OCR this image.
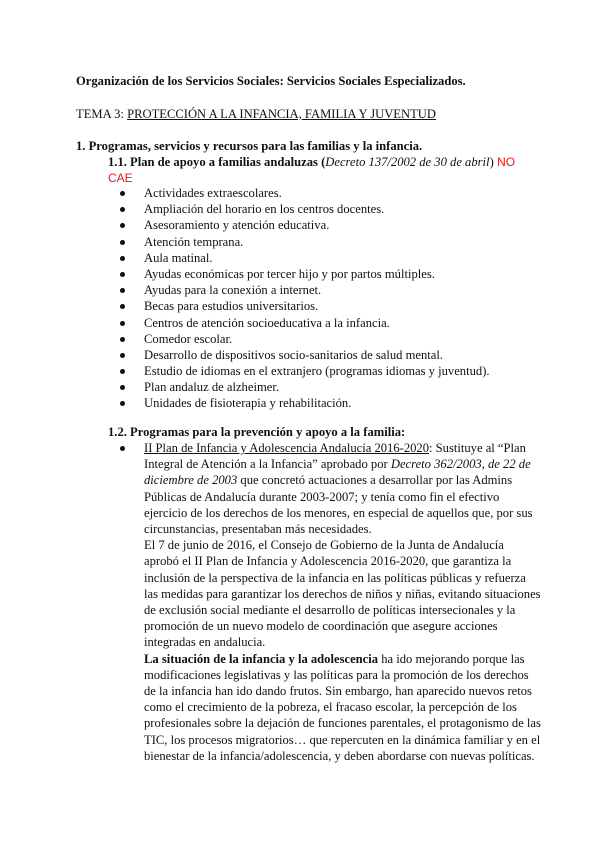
Organización de los Servicios Sociales: Servicios Sociales Especializados.
TEMA 3: PROTECCIÓN A LA INFANCIA, FAMILIA Y JUVENTUD
1. Programas, servicios y recursos para las familias y la infancia.
1.1. Plan de apoyo a familias andaluzas (Decreto 137/2002 de 30 de abril) NO
CAE
Actividades extraescolares.
Ampliación del horario en los centros docentes.
Asesoramiento y atención educativa.
Atención temprana.
Aula matinal.
Ayudas económicas por tercer hijo y por partos múltiples.
Ayudas para la conexión a internet.
Becas para estudios universitarios.
Centros de atención socioeducativa a la infancia.
Comedor escolar.
Desarrollo de dispositivos socio-sanitarios de salud mental.
Estudio de idiomas en el extranjero (programas idiomas y juventud).
Plan andaluz de alzheimer.
Unidades de fisioterapia y rehabilitación.
1.2. Programas para la prevención y apoyo a la familia:
II Plan de Infancia y Adolescencia Andalucía 2016-2020: Sustituye al “Plan
Integral de Atención a la Infancia” aprobado por Decreto 362/2003, de 22 de
diciembre de 2003 que concretó actuaciones a desarrollar por las Admins
Públicas de Andalucía durante 2003-2007; y tenía como fin el efectivo
ejercicio de los derechos de los menores, en especial de aquellos que, por sus
circunstancias, presentaban más necesidades.
El 7 de junio de 2016, el Consejo de Gobierno de la Junta de Andalucía
aprobó el II Plan de Infancia y Adolescencia 2016-2020, que garantiza la
inclusión de la perspectiva de la infancia en las políticas públicas y refuerza
las medidas para garantizar los derechos de niños y niñas, evitando situaciones
de exclusión social mediante el desarrollo de políticas intersecionales y la
promoción de un nuevo modelo de coordinación que asegure acciones
integradas en andalucia.
La situación de la infancia y la adolescencia ha ido mejorando porque las
modificaciones legislativas y las políticas para la promoción de los derechos
de la infancia han ido dando frutos. Sin embargo, han aparecido nuevos retos
como el crecimiento de la pobreza, el fracaso escolar, la percepción de los
profesionales sobre la dejación de funciones parentales, el protagonismo de las
TIC, los procesos migratorios… que repercuten en la dinámica familiar y en el
bienestar de la infancia/adolescencia, y deben abordarse con nuevas políticas.
